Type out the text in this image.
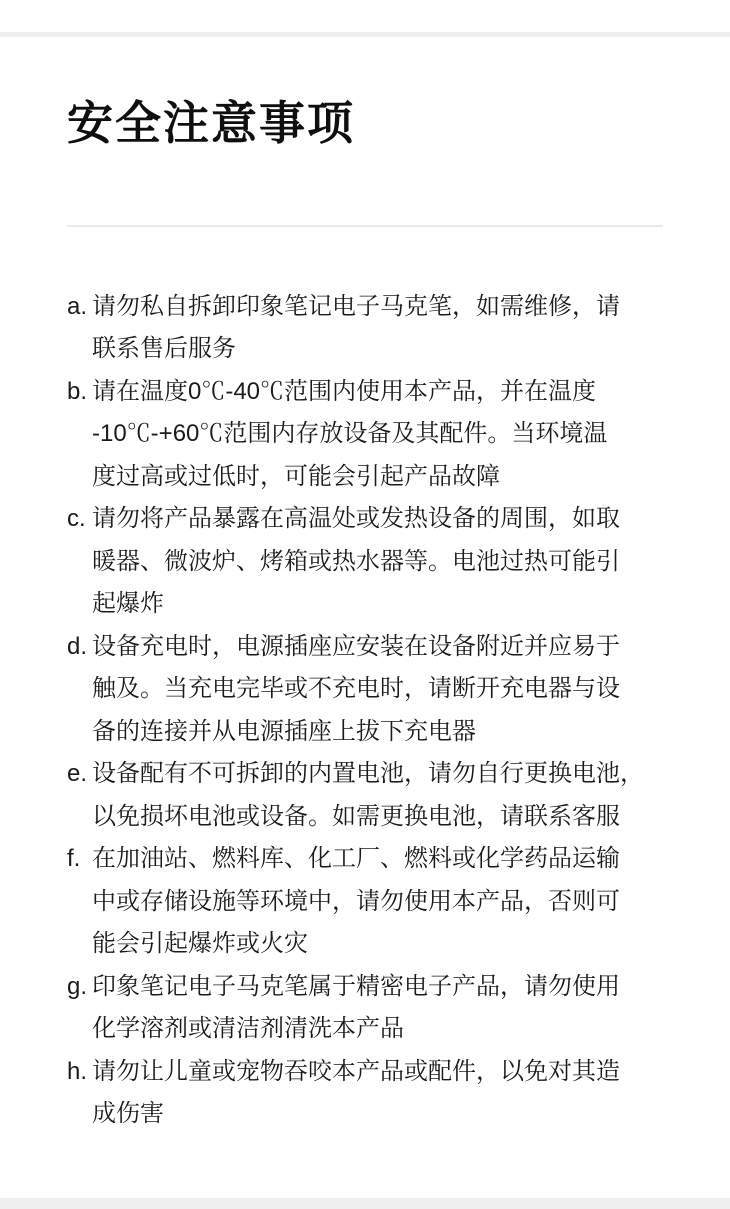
安全注意事项
a. 请勿私自拆卸印象笔记电子马克笔，如需维修，请
联系售后服务
b. 请在温度0℃-40℃范围内使用本产品，并在温度
-10℃-+60℃范围内存放设备及其配件。当环境温
度过高或过低时，可能会引起产品故障
c. 请勿将产品暴露在高温处或发热设备的周围，如取
暖器、微波炉、烤箱或热水器等。电池过热可能引
起爆炸
d. 设备充电时，电源插座应安装在设备附近并应易于
触及。当充电完毕或不充电时，请断开充电器与设
备的连接并从电源插座上拔下充电器
e. 设备配有不可拆卸的内置电池，请勿自行更换电池，
以免损坏电池或设备。如需更换电池，请联系客服
f. 在加油站、燃料库、化工厂、燃料或化学药品运输
中或存储设施等环境中，请勿使用本产品，否则可
能会引起爆炸或火灾
g. 印象笔记电子马克笔属于精密电子产品，请勿使用
化学溶剂或清洁剂清洗本产品
h. 请勿让儿童或宠物吞咬本产品或配件，以免对其造
成伤害
